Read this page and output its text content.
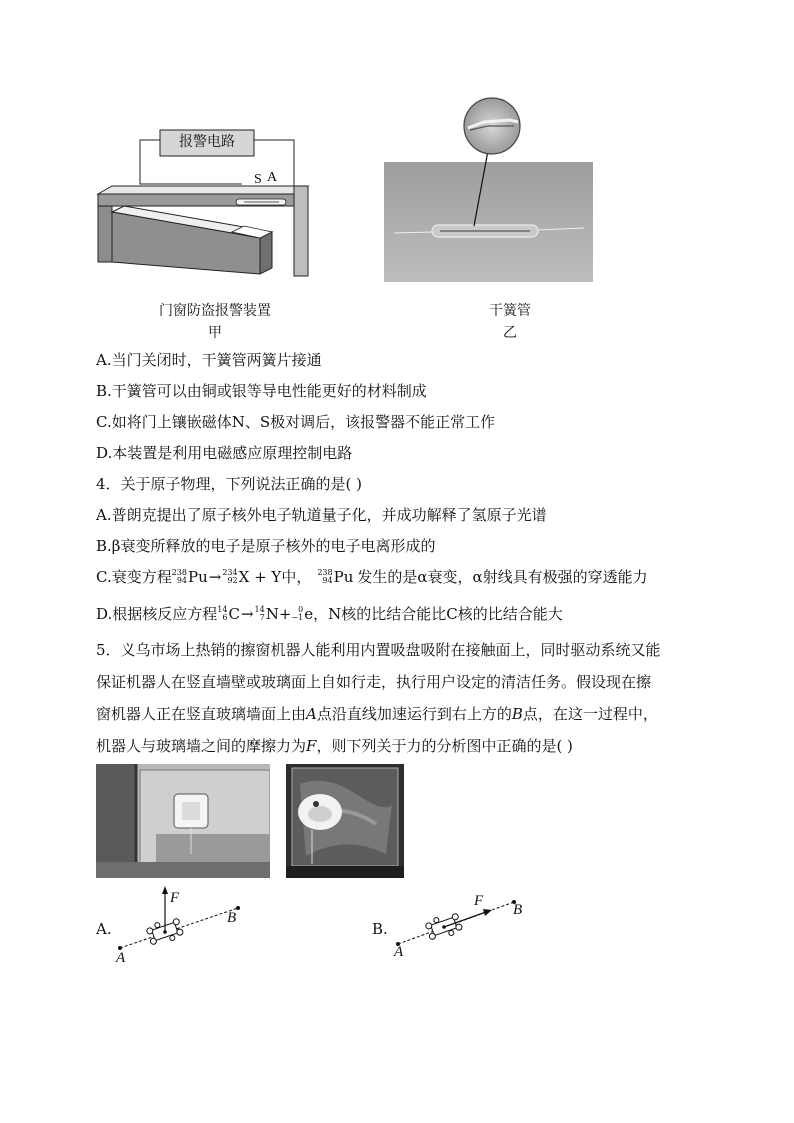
报警电路
S A
门窗防盗报警装置
甲
干簧管
乙
A.当门关闭时，干簧管两簧片接通
B.干簧管可以由铜或银等导电性能更好的材料制成
C.如将门上镶嵌磁体N、S极对调后，该报警器不能正常工作
D.本装置是利用电磁感应原理控制电路
4．关于原子物理，下列说法正确的是( )
A.普朗克提出了原子核外电子轨道量子化，并成功解释了氢原子光谱
B.β衰变所释放的电子是原子核外的电子电离形成的
C.衰变方程 238
94 Pu → 234
92 X + Y 中， 238
94 Pu 发生的是α衰变，α射线具有极强的穿透能力
D.根据核反应方程 14
6 C → 14
7 N+ 0
−1 e ，N核的比结合能比C核的比结合能大
5．义乌市场上热销的擦窗机器人能利用内置吸盘吸附在接触面上，同时驱动系统又能
保证机器人在竖直墙壁或玻璃面上自如行走，执行用户设定的清洁任务。假设现在擦
窗机器人正在竖直玻璃墙面上由A点沿直线加速运行到右上方的B点，在这一过程中，
机器人与玻璃墙之间的摩擦力为F，则下列关于力的分析图中正确的是( )
A.
F
B
A
B.
F
B
A
